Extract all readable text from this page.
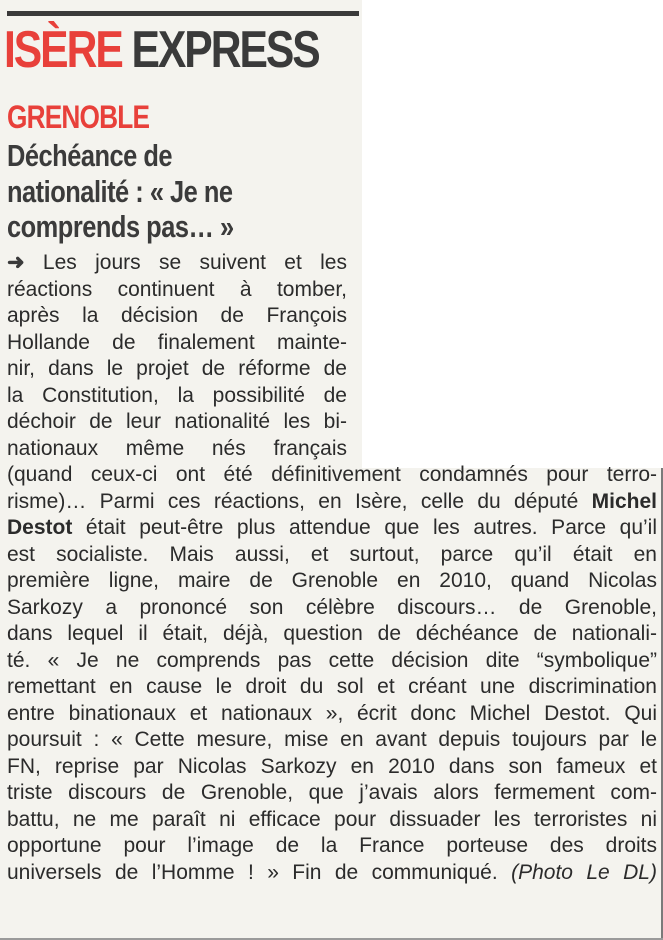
ISÈRE EXPRESS
GRENOBLE
Déchéance de
nationalité : « Je ne
comprends pas… »
➜ Les jours se suivent et les
réactions continuent à tomber,
après la décision de François
Hollande de finalement mainte-
nir, dans le projet de réforme de
la Constitution, la possibilité de
déchoir de leur nationalité les bi-
nationaux même nés français
(quand ceux-ci ont été définitivement condamnés pour terro-
risme)… Parmi ces réactions, en Isère, celle du député Michel
Destot était peut-être plus attendue que les autres. Parce qu’il
est socialiste. Mais aussi, et surtout, parce qu’il était en
première ligne, maire de Grenoble en 2010, quand Nicolas
Sarkozy a prononcé son célèbre discours… de Grenoble,
dans lequel il était, déjà, question de déchéance de nationali-
té. « Je ne comprends pas cette décision dite “symbolique”
remettant en cause le droit du sol et créant une discrimination
entre binationaux et nationaux », écrit donc Michel Destot. Qui
poursuit : « Cette mesure, mise en avant depuis toujours par le
FN, reprise par Nicolas Sarkozy en 2010 dans son fameux et
triste discours de Grenoble, que j’avais alors fermement com-
battu, ne me paraît ni efficace pour dissuader les terroristes ni
opportune pour l’image de la France porteuse des droits
universels de l’Homme ! » Fin de communiqué. (Photo Le DL)
